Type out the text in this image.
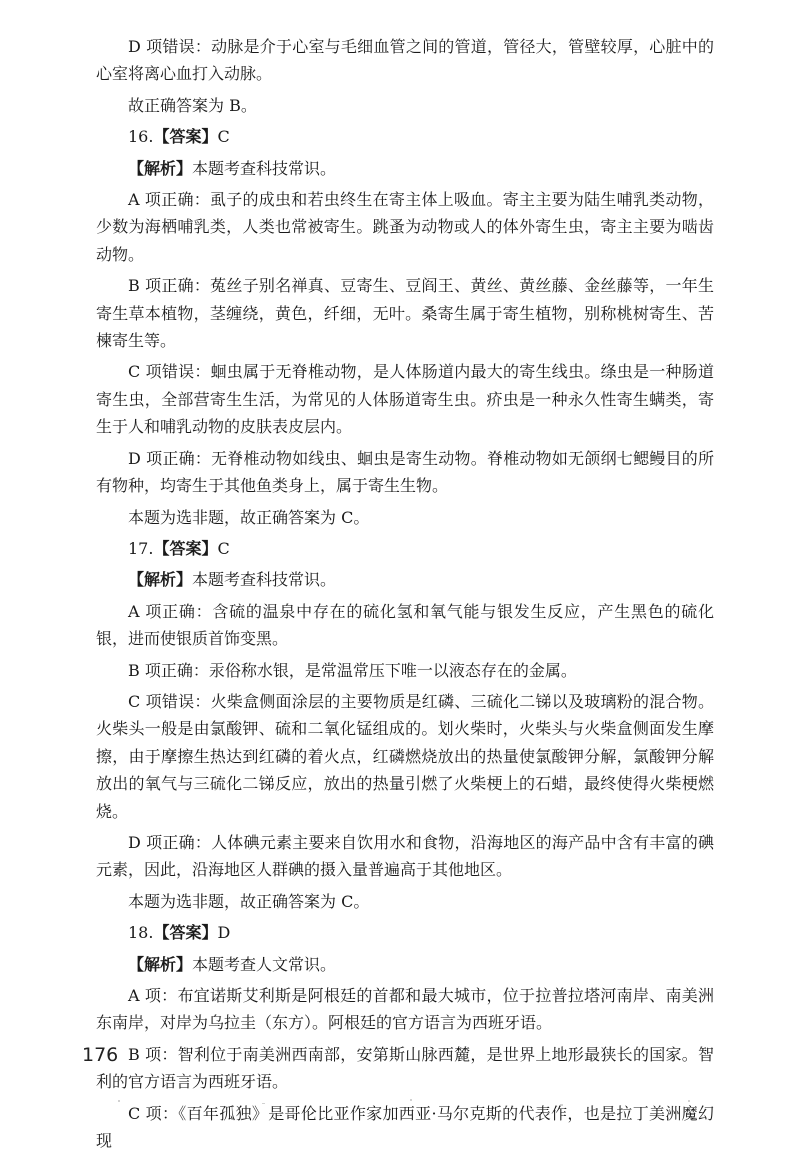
D 项错误：动脉是介于心室与毛细血管之间的管道，管径大，管壁较厚，心脏中的心室将离心血打入动脉。

故正确答案为 B。

16.【答案】C

【解析】本题考查科技常识。

A 项正确：虱子的成虫和若虫终生在寄主体上吸血。寄主主要为陆生哺乳类动物，少数为海栖哺乳类，人类也常被寄生。跳蚤为动物或人的体外寄生虫，寄主主要为啮齿动物。

B 项正确：菟丝子别名禅真、豆寄生、豆阎王、黄丝、黄丝藤、金丝藤等，一年生寄生草本植物，茎缠绕，黄色，纤细，无叶。桑寄生属于寄生植物，别称桃树寄生、苦楝寄生等。

C 项错误：蛔虫属于无脊椎动物，是人体肠道内最大的寄生线虫。绦虫是一种肠道寄生虫，全部营寄生生活，为常见的人体肠道寄生虫。疥虫是一种永久性寄生螨类，寄生于人和哺乳动物的皮肤表皮层内。

D 项正确：无脊椎动物如线虫、蛔虫是寄生动物。脊椎动物如无颌纲七鳃鳗目的所有物种，均寄生于其他鱼类身上，属于寄生生物。

本题为选非题，故正确答案为 C。

17.【答案】C

【解析】本题考查科技常识。

A 项正确：含硫的温泉中存在的硫化氢和氧气能与银发生反应，产生黑色的硫化银，进而使银质首饰变黑。

B 项正确：汞俗称水银，是常温常压下唯一以液态存在的金属。

C 项错误：火柴盒侧面涂层的主要物质是红磷、三硫化二锑以及玻璃粉的混合物。火柴头一般是由氯酸钾、硫和二氧化锰组成的。划火柴时，火柴头与火柴盒侧面发生摩擦，由于摩擦生热达到红磷的着火点，红磷燃烧放出的热量使氯酸钾分解，氯酸钾分解放出的氧气与三硫化二锑反应，放出的热量引燃了火柴梗上的石蜡，最终使得火柴梗燃烧。

D 项正确：人体碘元素主要来自饮用水和食物，沿海地区的海产品中含有丰富的碘元素，因此，沿海地区人群碘的摄入量普遍高于其他地区。

本题为选非题，故正确答案为 C。

18.【答案】D

【解析】本题考查人文常识。

A 项：布宜诺斯艾利斯是阿根廷的首都和最大城市，位于拉普拉塔河南岸、南美洲东南岸，对岸为乌拉圭（东方）。阿根廷的官方语言为西班牙语。

B 项：智利位于南美洲西南部，安第斯山脉西麓，是世界上地形最狭长的国家。智利的官方语言为西班牙语。

C 项：《百年孤独》是哥伦比亚作家加西亚·马尔克斯的代表作，也是拉丁美洲魔幻现

176
